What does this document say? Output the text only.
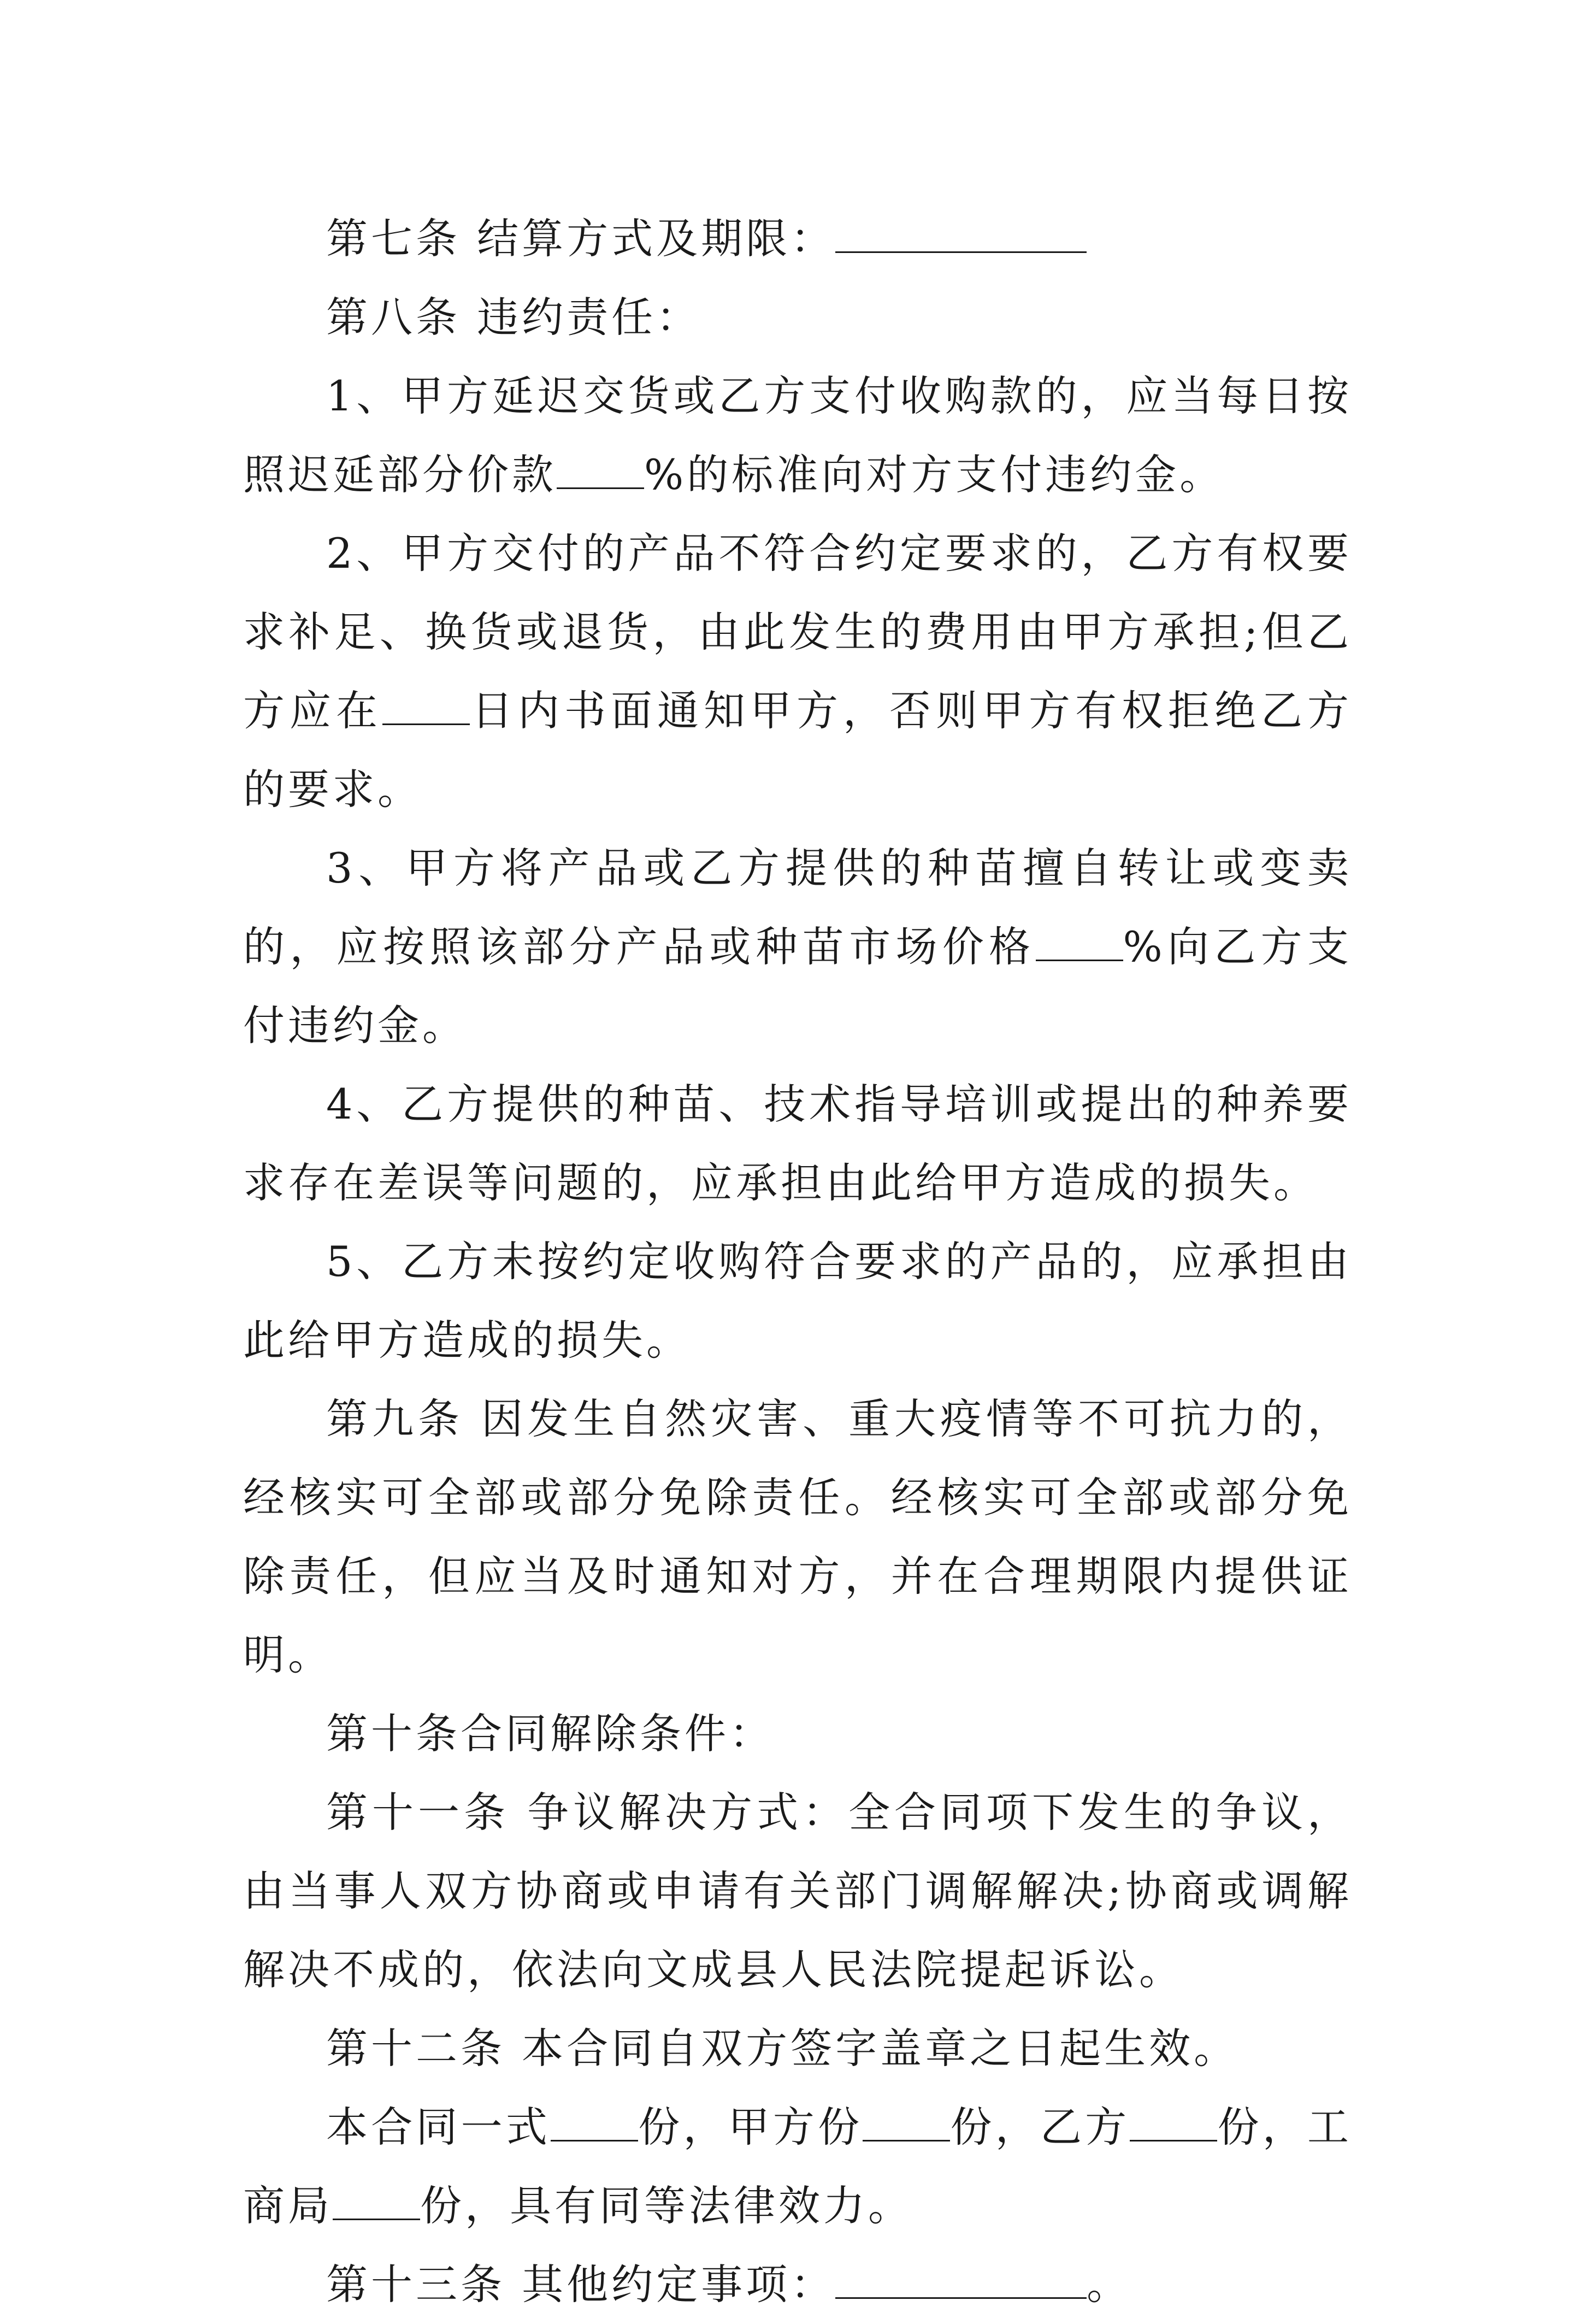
第七条 结算方式及期限：

第八条 违约责任：

1、甲方延迟交货或乙方支付收购款的，应当每日按照迟延部分价款 %的标准向对方支付违约金。

2、甲方交付的产品不符合约定要求的，乙方有权要求补足、换货或退货，由此发生的费用由甲方承担;但乙方应在 日内书面通知甲方，否则甲方有权拒绝乙方的要求。

3、甲方将产品或乙方提供的种苗擅自转让或变卖的，应按照该部分产品或种苗市场价格 %向乙方支付违约金。

4、乙方提供的种苗、技术指导培训或提出的种养要求存在差误等问题的，应承担由此给甲方造成的损失。

5、乙方未按约定收购符合要求的产品的，应承担由此给甲方造成的损失。

第九条 因发生自然灾害、重大疫情等不可抗力的，经核实可全部或部分免除责任。经核实可全部或部分免除责任，但应当及时通知对方，并在合理期限内提供证明。

第十条合同解除条件：

第十一条 争议解决方式：全合同项下发生的争议，由当事人双方协商或申请有关部门调解解决;协商或调解解决不成的，依法向文成县人民法院提起诉讼。

第十二条 本合同自双方签字盖章之日起生效。

本合同一式 份，甲方份 份，乙方 份，工商局 份，具有同等法律效力。

第十三条 其他约定事项：	。
